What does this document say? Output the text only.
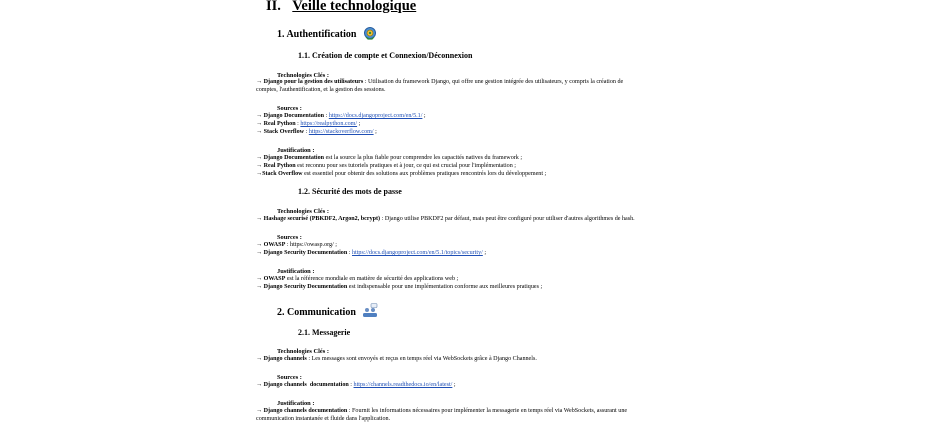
II. Veille technologique
1. Authentification
1.1. Création de compte et Connexion/Déconnexion
Technologies Clés :
→ Django pour la gestion des utilisateurs : Utilisation du framework Django, qui offre une gestion intégrée des utilisateurs, y compris la création de
comptes, l'authentification, et la gestion des sessions.
Sources :
→ Django Documentation : https://docs.djangoproject.com/en/5.1/ ;
→ Real Python : https://realpython.com/ ;
→ Stack Overflow : https://stackoverflow.com/ ;
Justification :
→ Django Documentation est la source la plus fiable pour comprendre les capacités natives du framework ;
→ Real Python est reconnu pour ses tutoriels pratiques et à jour, ce qui est crucial pour l'implémentation ;
→Stack Overflow est essentiel pour obtenir des solutions aux problèmes pratiques rencontrés lors du développement ;
1.2. Sécurité des mots de passe
Technologies Clés :
→ Hashage securisé (PBKDF2, Argon2, bcrypt) : Django utilise PBKDF2 par défaut, mais peut être configuré pour utiliser d'autres algorithmes de hash.
Sources :
→ OWASP : https://owasp.org/ ;
→ Django Security Documentation : https://docs.djangoproject.com/en/5.1/topics/security/ ;
Justification :
→ OWASP est la référence mondiale en matière de sécurité des applications web ;
→ Django Security Documentation est indispensable pour une implémentation conforme aux meilleures pratiques ;
2. Communication
2.1. Messagerie
Technologies Clés :
→ Django channels : Les messages sont envoyés et reçus en temps réel via WebSockets grâce à Django Channels.
Sources :
→ Django channels  documentation : https://channels.readthedocs.io/en/latest/ ;
Justification :
→ Django channels documentation : Fournit les informations nécessaires pour implémenter la messagerie en temps réel via WebSockets, assurant une
communication instantanée et fluide dans l'application.
